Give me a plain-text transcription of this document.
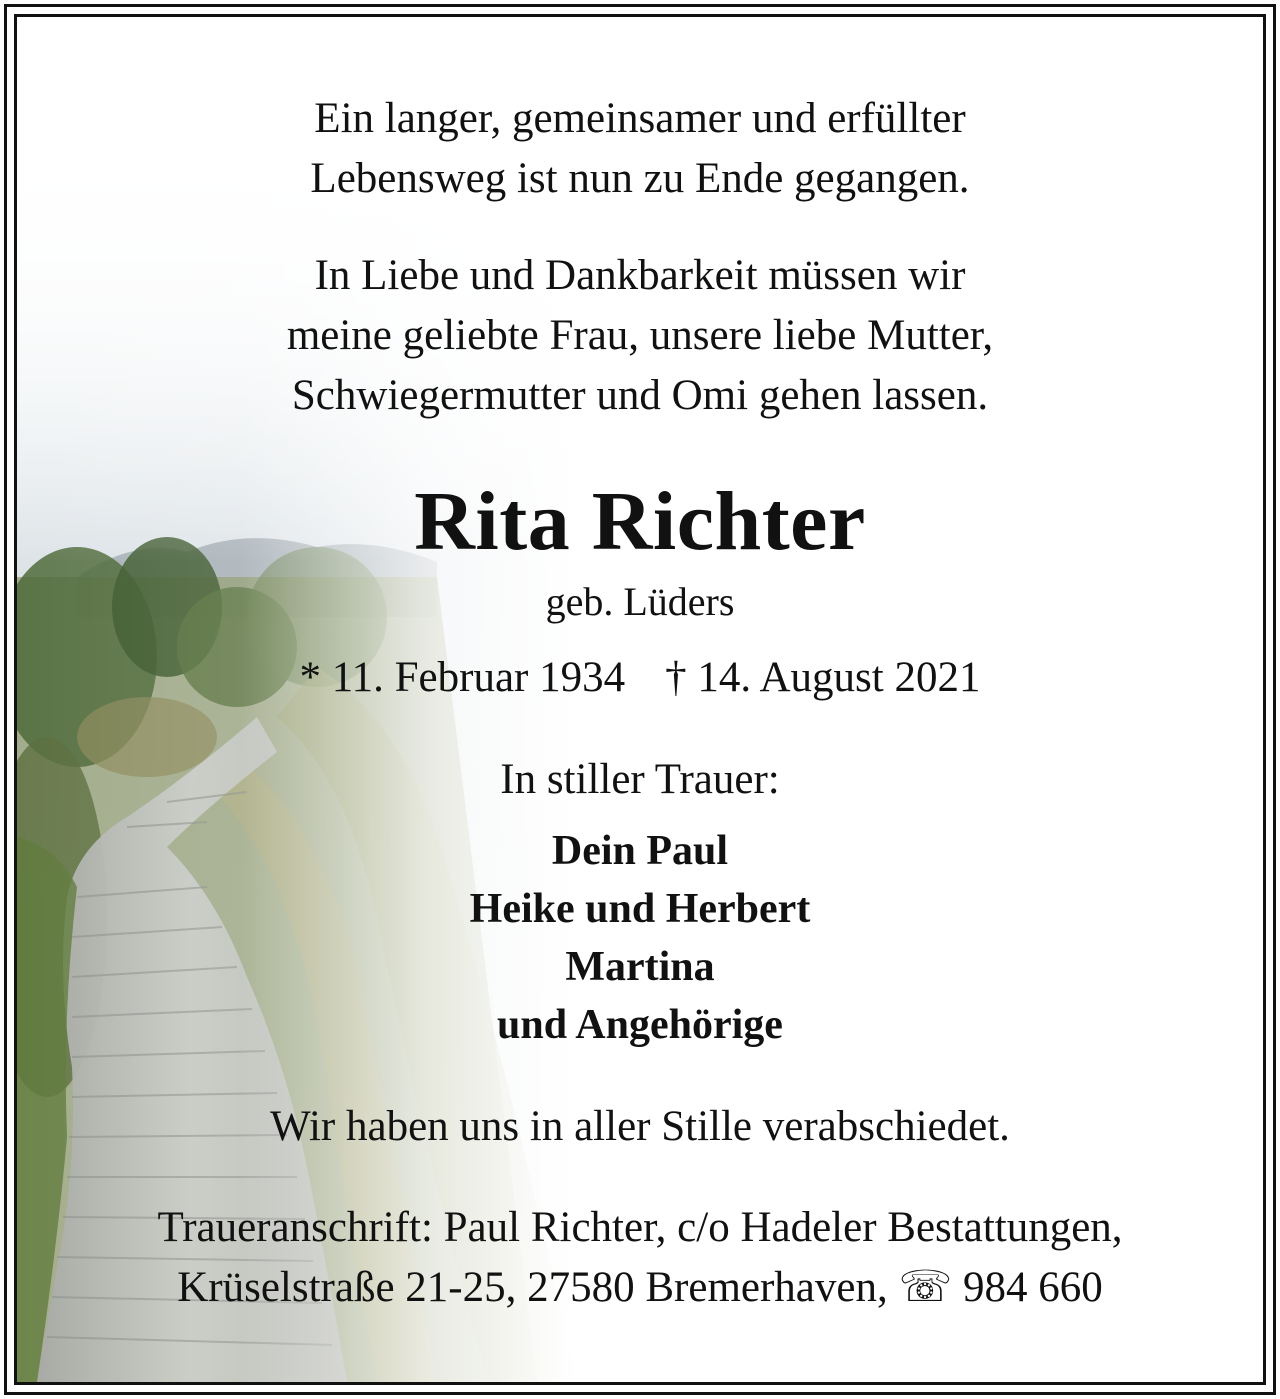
Ein langer, gemeinsamer und erfüllter
Lebensweg ist nun zu Ende gegangen.
In Liebe und Dankbarkeit müssen wir
meine geliebte Frau, unsere liebe Mutter,
Schwiegermutter und Omi gehen lassen.
Rita Richter
geb. Lüders
* 11. Februar 1934 † 14. August 2021
In stiller Trauer:
Dein Paul
Heike und Herbert
Martina
und Angehörige
Wir haben uns in aller Stille verabschiedet.
Traueranschrift: Paul Richter, c/o Hadeler Bestattungen,
Krüselstraße 21-25, 27580 Bremerhaven, ☏ 984 660
